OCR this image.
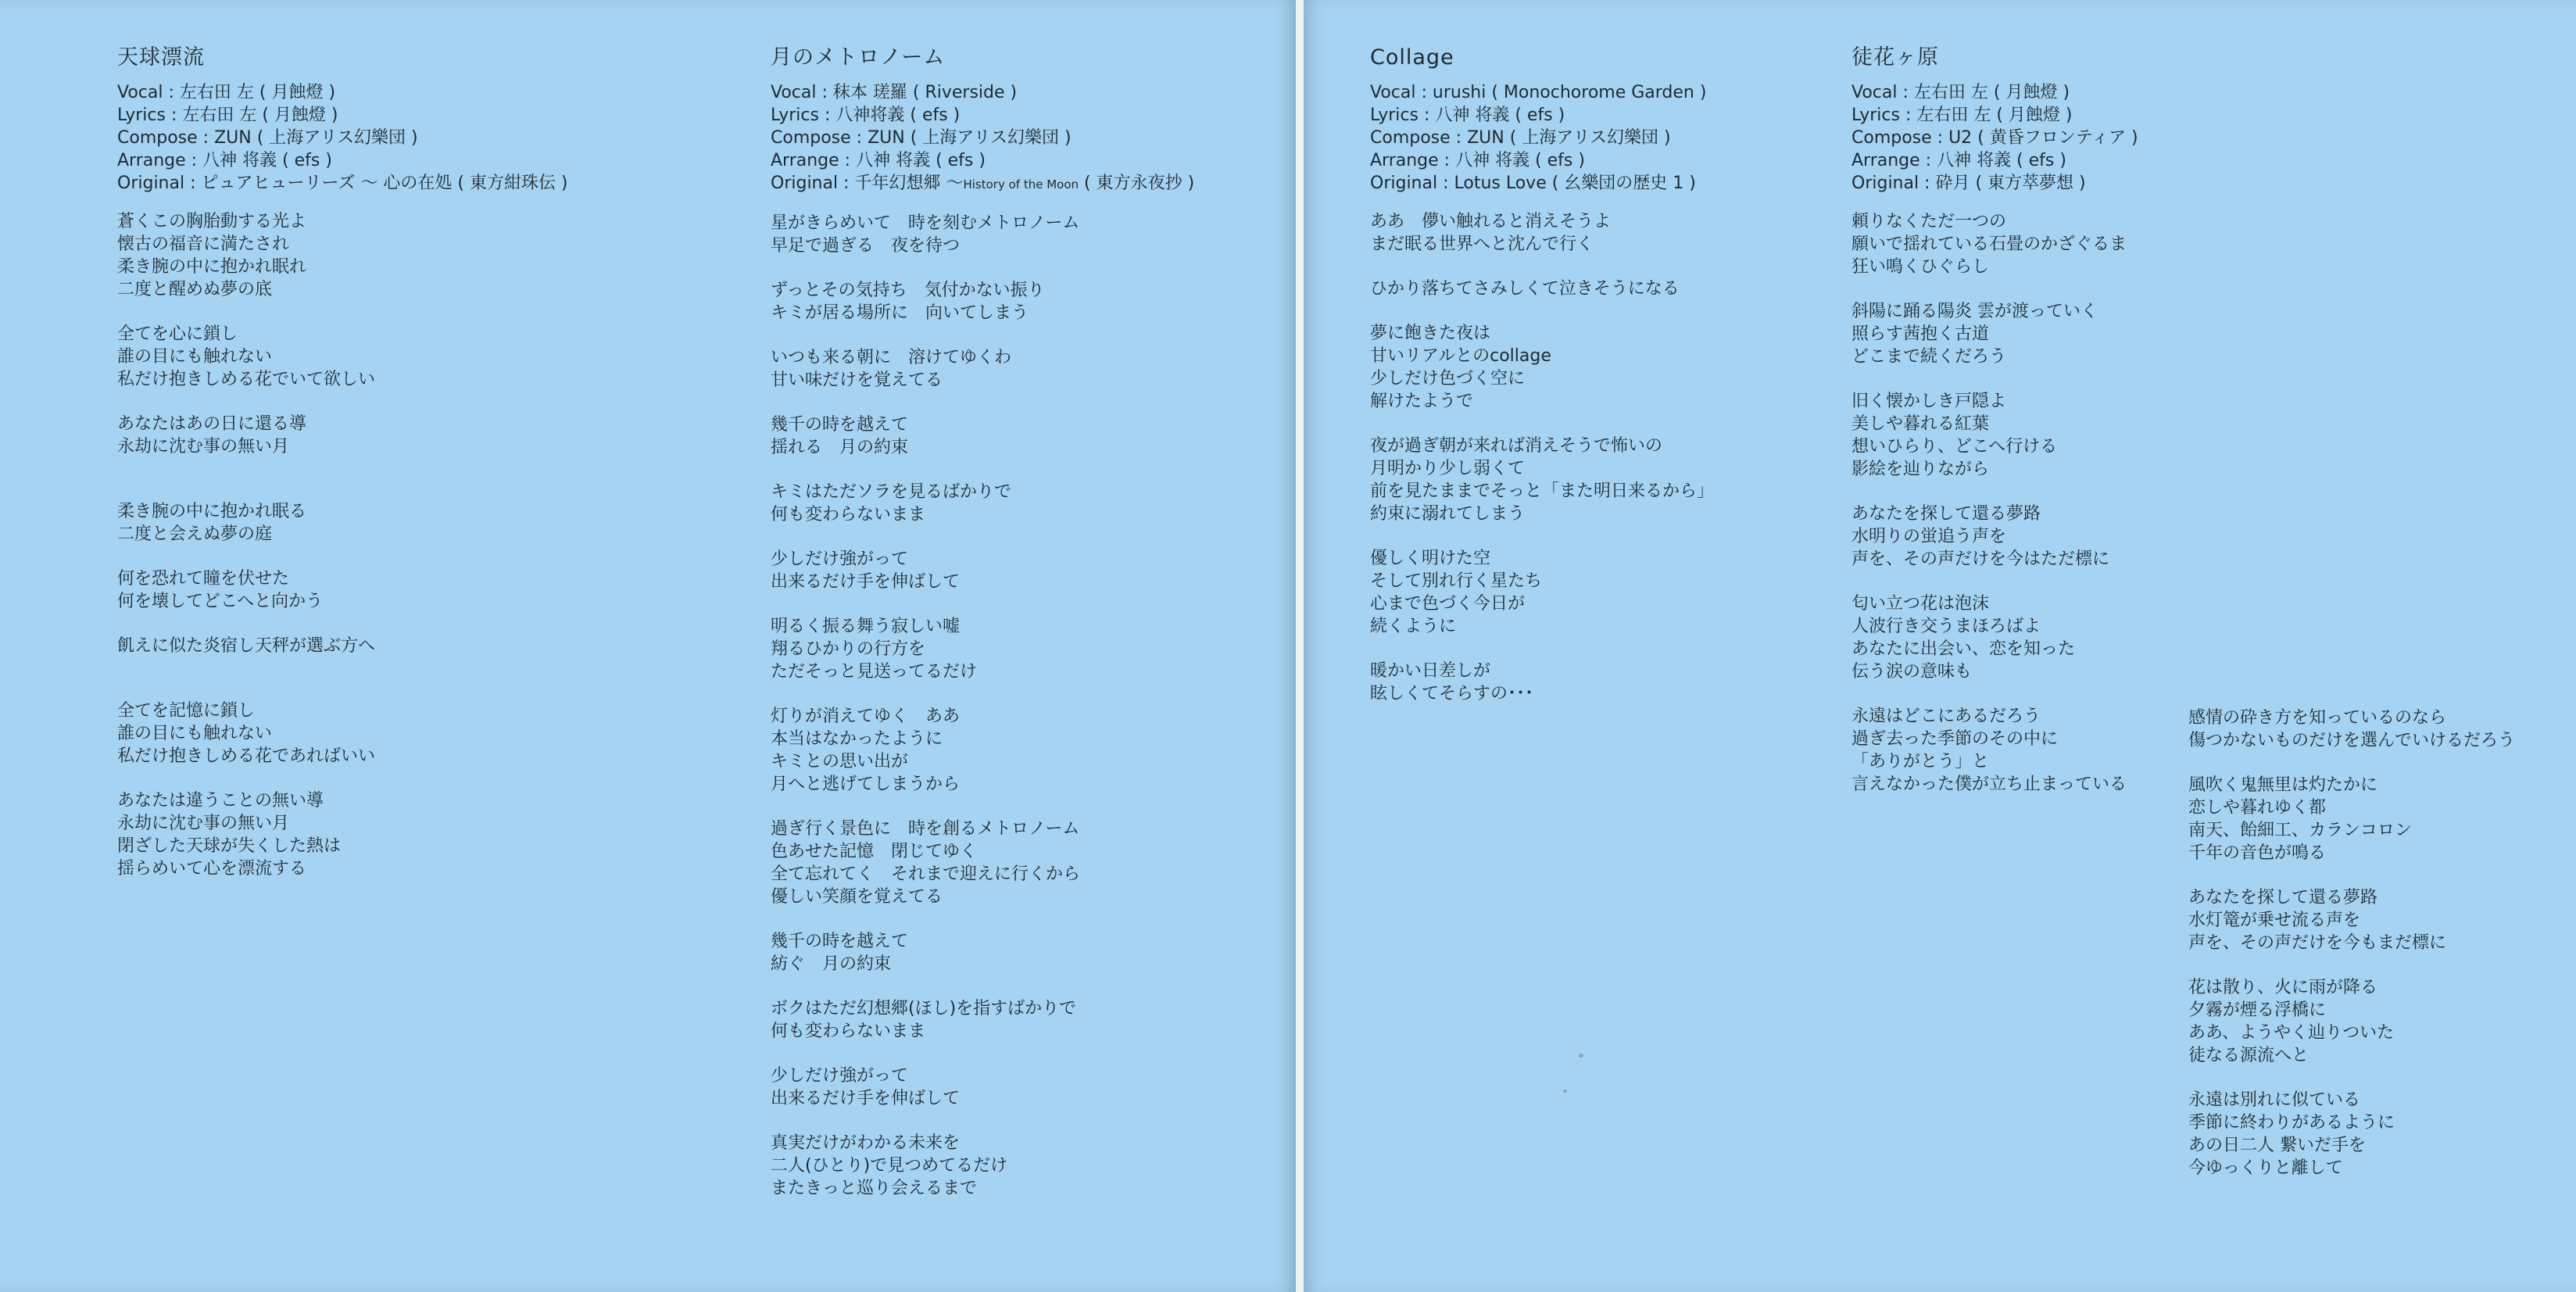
天球漂流
Vocal : 左右田 左 ( 月蝕燈 )
Lyrics : 左右田 左 ( 月蝕燈 )
Compose : ZUN ( 上海アリス幻樂団 )
Arrange : 八神 将義 ( efs )
Original : ピュアヒューリーズ ～ 心の在処 ( 東方紺珠伝 )
蒼くこの胸胎動する光よ
懐古の福音に満たされ
柔き腕の中に抱かれ眠れ
二度と醒めぬ夢の底
全てを心に鎖し
誰の目にも触れない
私だけ抱きしめる花でいて欲しい
あなたはあの日に還る導
永劫に沈む事の無い月
柔き腕の中に抱かれ眠る
二度と会えぬ夢の庭
何を恐れて瞳を伏せた
何を壊してどこへと向かう
飢えに似た炎宿し天秤が選ぶ方へ
全てを記憶に鎖し
誰の目にも触れない
私だけ抱きしめる花であればいい
あなたは違うことの無い導
永劫に沈む事の無い月
閉ざした天球が失くした熱は
揺らめいて心を漂流する
月のメトロノーム
Vocal : 秣本 瑳羅 ( Riverside )
Lyrics : 八神将義 ( efs )
Compose : ZUN ( 上海アリス幻樂団 )
Arrange : 八神 将義 ( efs )
Original : 千年幻想郷 ～History of the Moon ( 東方永夜抄 )
星がきらめいて　時を刻むメトロノーム
早足で過ぎる　夜を待つ
ずっとその気持ち　気付かない振り
キミが居る場所に　向いてしまう
いつも来る朝に　溶けてゆくわ
甘い味だけを覚えてる
幾千の時を越えて
揺れる　月の約束
キミはただソラを見るばかりで
何も変わらないまま
少しだけ強がって
出来るだけ手を伸ばして
明るく振る舞う寂しい嘘
翔るひかりの行方を
ただそっと見送ってるだけ
灯りが消えてゆく　ああ
本当はなかったように
キミとの思い出が
月へと逃げてしまうから
過ぎ行く景色に　時を創るメトロノーム
色あせた記憶　閉じてゆく
全て忘れてく　それまで迎えに行くから
優しい笑顔を覚えてる
幾千の時を越えて
紡ぐ　月の約束
ボクはただ幻想郷(ほし)を指すばかりで
何も変わらないまま
少しだけ強がって
出来るだけ手を伸ばして
真実だけがわかる未来を
二人(ひとり)で見つめてるだけ
またきっと巡り会えるまで
Collage
Vocal : urushi ( Monochorome Garden )
Lyrics : 八神 将義 ( efs )
Compose : ZUN ( 上海アリス幻樂団 )
Arrange : 八神 将義 ( efs )
Original : Lotus Love ( 幺樂団の歴史 1 )
ああ　儚い触れると消えそうよ
まだ眠る世界へと沈んで行く
ひかり落ちてさみしくて泣きそうになる
夢に飽きた夜は
甘いリアルとのcollage
少しだけ色づく空に
解けたようで
夜が過ぎ朝が来れば消えそうで怖いの
月明かり少し弱くて
前を見たままでそっと「また明日来るから」
約束に溺れてしまう
優しく明けた空
そして別れ行く星たち
心まで色づく今日が
続くように
暖かい日差しが
眩しくてそらすの･･･
徒花ヶ原
Vocal : 左右田 左 ( 月蝕燈 )
Lyrics : 左右田 左 ( 月蝕燈 )
Compose : U2 ( 黄昏フロンティア )
Arrange : 八神 将義 ( efs )
Original : 砕月 ( 東方萃夢想 )
頼りなくただ一つの
願いで揺れている石畳のかざぐるま
狂い鳴くひぐらし
斜陽に踊る陽炎 雲が渡っていく
照らす茜抱く古道
どこまで続くだろう
旧く懐かしき戸隠よ
美しや暮れる紅葉
想いひらり、どこへ行ける
影絵を辿りながら
あなたを探して還る夢路
水明りの蛍追う声を
声を、その声だけを今はただ標に
匂い立つ花は泡沫
人波行き交うまほろばよ
あなたに出会い、恋を知った
伝う涙の意味も
永遠はどこにあるだろう
過ぎ去った季節のその中に
「ありがとう」と
言えなかった僕が立ち止まっている
感情の砕き方を知っているのなら
傷つかないものだけを選んでいけるだろう
風吹く鬼無里は灼たかに
恋しや暮れゆく都
南天、飴細工、カランコロン
千年の音色が鳴る
あなたを探して還る夢路
水灯篭が乗せ流る声を
声を、その声だけを今もまだ標に
花は散り、火に雨が降る
夕霧が煙る浮橋に
ああ、ようやく辿りついた
徒なる源流へと
永遠は別れに似ている
季節に終わりがあるように
あの日二人 繋いだ手を
今ゆっくりと離して
